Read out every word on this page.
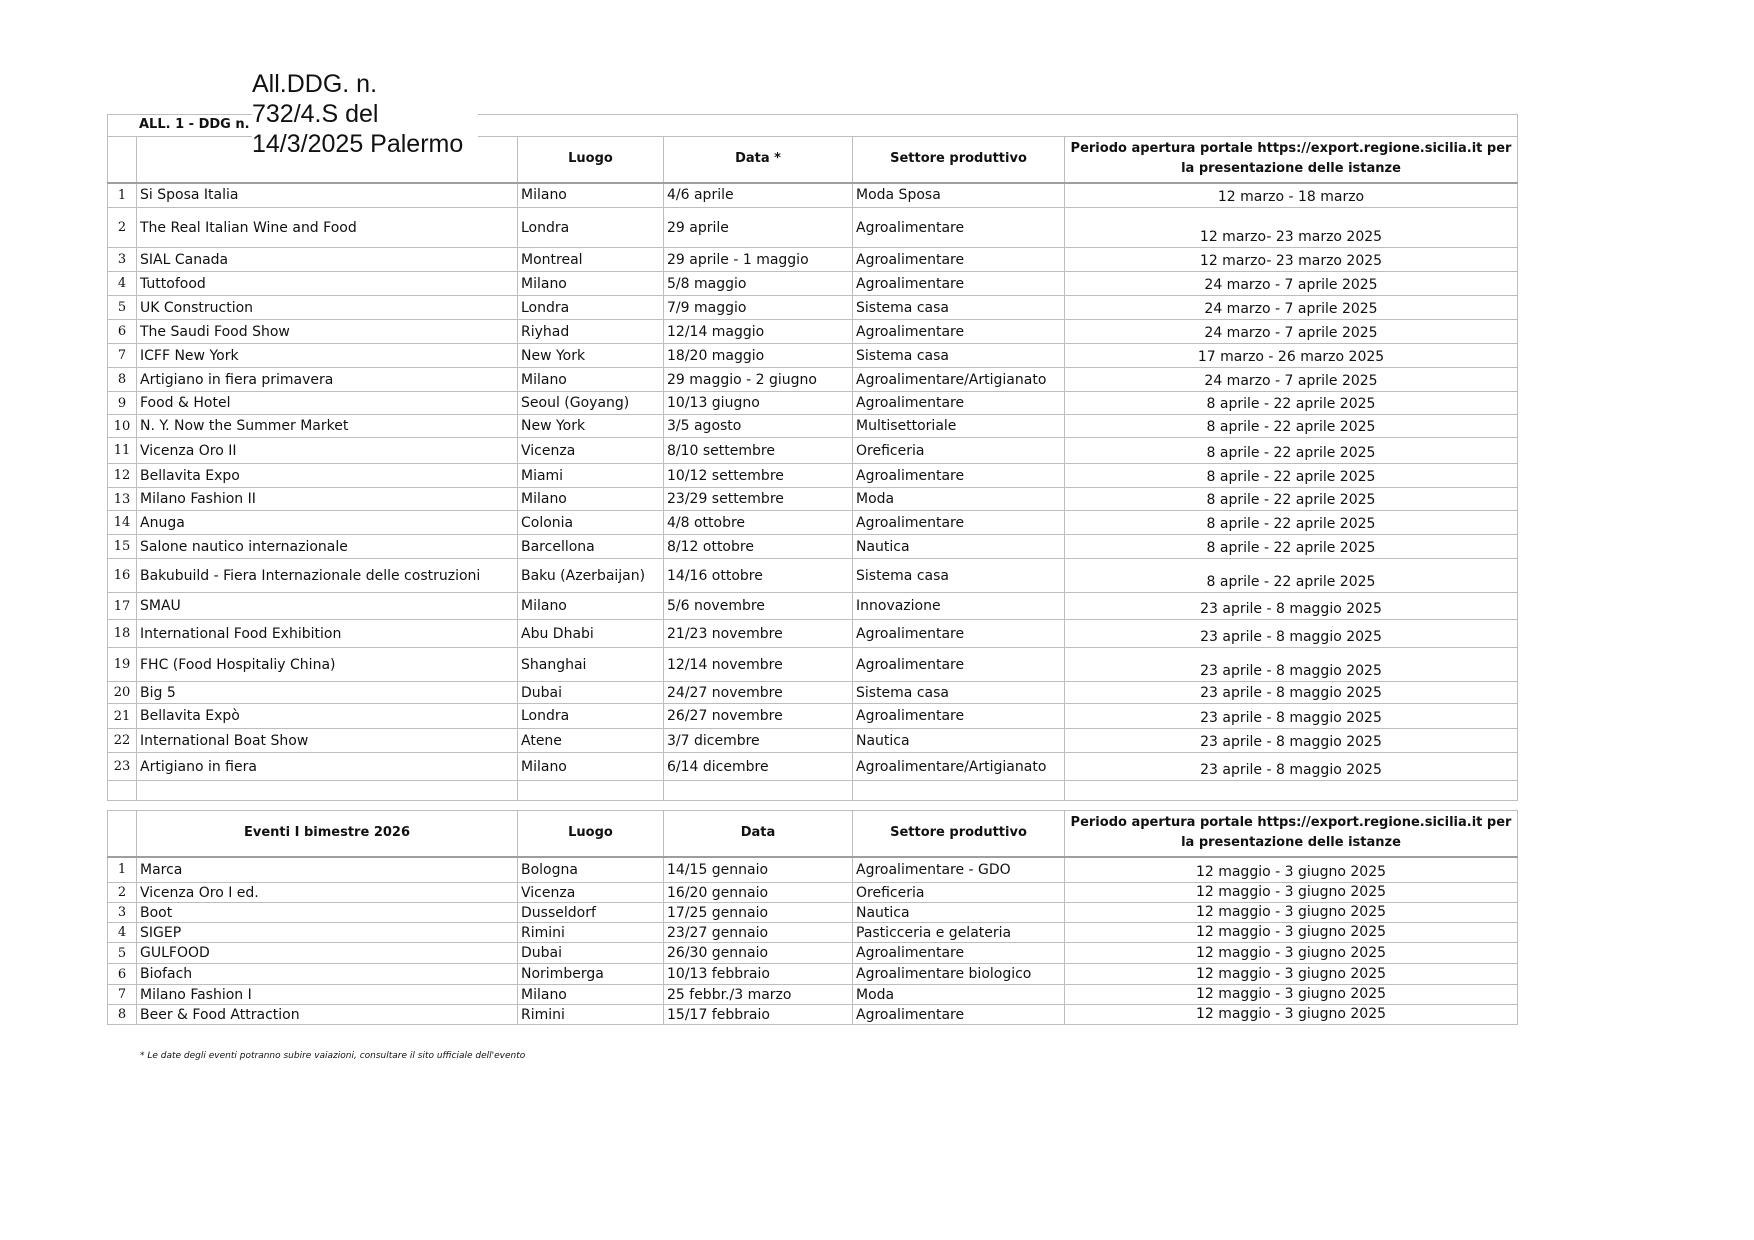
All.DDG. n.
732/4.S del
14/3/2025 Palermo
ALL. 1 - DDG n.

		Luogo	Data *	Settore produttivo	Periodo apertura portale https://export.regione.sicilia.it per la presentazione delle istanze
1	Si Sposa Italia	Milano	4/6 aprile	Moda Sposa	12 marzo - 18 marzo
2	The Real Italian Wine and Food	Londra	29 aprile	Agroalimentare	12 marzo- 23 marzo 2025
3	SIAL Canada	Montreal	29 aprile - 1 maggio	Agroalimentare	12 marzo- 23 marzo 2025
4	Tuttofood	Milano	5/8 maggio	Agroalimentare	24 marzo - 7 aprile 2025
5	UK Construction	Londra	7/9 maggio	Sistema casa	24 marzo - 7 aprile 2025
6	The Saudi Food Show	Riyhad	12/14 maggio	Agroalimentare	24 marzo - 7 aprile 2025
7	ICFF New York	New York	18/20 maggio	Sistema casa	17 marzo - 26 marzo 2025
8	Artigiano in fiera primavera	Milano	29 maggio - 2 giugno	Agroalimentare/Artigianato	24 marzo - 7 aprile 2025
9	Food & Hotel	Seoul (Goyang)	10/13 giugno	Agroalimentare	8 aprile - 22 aprile 2025
10	N. Y. Now the Summer Market	New York	3/5 agosto	Multisettoriale	8 aprile - 22 aprile 2025
11	Vicenza Oro II	Vicenza	8/10 settembre	Oreficeria	8 aprile - 22 aprile 2025
12	Bellavita Expo	Miami	10/12 settembre	Agroalimentare	8 aprile - 22 aprile 2025
13	Milano Fashion II	Milano	23/29 settembre	Moda	8 aprile - 22 aprile 2025
14	Anuga	Colonia	4/8 ottobre	Agroalimentare	8 aprile - 22 aprile 2025
15	Salone nautico internazionale	Barcellona	8/12 ottobre	Nautica	8 aprile - 22 aprile 2025
16	Bakubuild - Fiera Internazionale delle costruzioni	Baku (Azerbaijan)	14/16 ottobre	Sistema casa	8 aprile - 22 aprile 2025
17	SMAU	Milano	5/6 novembre	Innovazione	23 aprile - 8 maggio 2025
18	International Food Exhibition	Abu Dhabi	21/23 novembre	Agroalimentare	23 aprile - 8 maggio 2025
19	FHC (Food Hospitaliy China)	Shanghai	12/14 novembre	Agroalimentare	23 aprile - 8 maggio 2025
20	Big 5	Dubai	24/27 novembre	Sistema casa	23 aprile - 8 maggio 2025
21	Bellavita Expò	Londra	26/27 novembre	Agroalimentare	23 aprile - 8 maggio 2025
22	International Boat Show	Atene	3/7 dicembre	Nautica	23 aprile - 8 maggio 2025
23	Artigiano in fiera	Milano	6/14 dicembre	Agroalimentare/Artigianato	23 aprile - 8 maggio 2025

	Eventi I bimestre 2026	Luogo	Data	Settore produttivo	Periodo apertura portale https://export.regione.sicilia.it per la presentazione delle istanze
1	Marca	Bologna	14/15 gennaio	Agroalimentare - GDO	12 maggio - 3 giugno 2025
2	Vicenza Oro I ed.	Vicenza	16/20 gennaio	Oreficeria	12 maggio - 3 giugno 2025
3	Boot	Dusseldorf	17/25 gennaio	Nautica	12 maggio - 3 giugno 2025
4	SIGEP	Rimini	23/27 gennaio	Pasticceria e gelateria	12 maggio - 3 giugno 2025
5	GULFOOD	Dubai	26/30 gennaio	Agroalimentare	12 maggio - 3 giugno 2025
6	Biofach	Norimberga	10/13 febbraio	Agroalimentare biologico	12 maggio - 3 giugno 2025
7	Milano Fashion I	Milano	25 febbr./3 marzo	Moda	12 maggio - 3 giugno 2025
8	Beer & Food Attraction	Rimini	15/17 febbraio	Agroalimentare	12 maggio - 3 giugno 2025
* Le date degli eventi potranno subire vaiazioni, consultare il sito ufficiale dell'evento
